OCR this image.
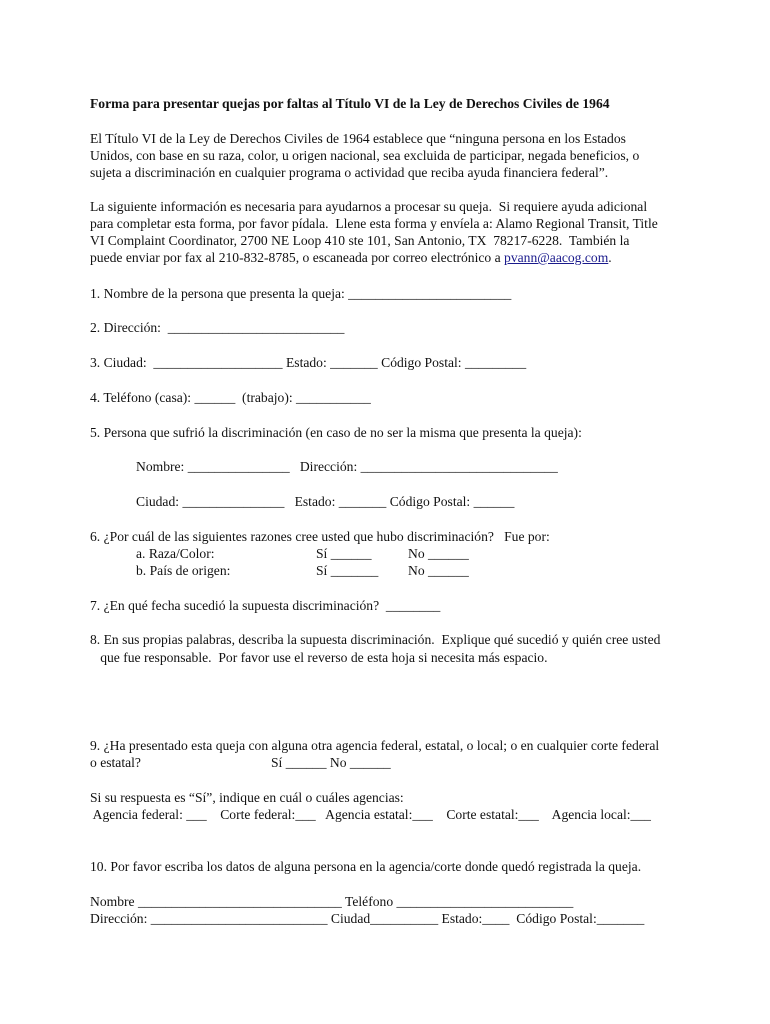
Forma para presentar quejas por faltas al Título VI de la Ley de Derechos Civiles de 1964
El Título VI de la Ley de Derechos Civiles de 1964 establece que “ninguna persona en los Estados
Unidos, con base en su raza, color, u origen nacional, sea excluida de participar, negada beneficios, o
sujeta a discriminación en cualquier programa o actividad que reciba ayuda financiera federal”.
La siguiente información es necesaria para ayudarnos a procesar su queja.  Si requiere ayuda adicional
para completar esta forma, por favor pídala.  Llene esta forma y envíela a: Alamo Regional Transit, Title
VI Complaint Coordinator, 2700 NE Loop 410 ste 101, San Antonio, TX  78217-6228.  También la
puede enviar por fax al 210-832-8785, o escaneada por correo electrónico a pvann@aacog.com.
1. Nombre de la persona que presenta la queja: ________________________
2. Dirección:  __________________________
3. Ciudad:  ___________________ Estado: _______ Código Postal: _________
4. Teléfono (casa): ______  (trabajo): ___________
5. Persona que sufrió la discriminación (en caso de no ser la misma que presenta la queja):
Nombre: _______________   Dirección: _____________________________
Ciudad: _______________   Estado: _______ Código Postal: ______
6. ¿Por cuál de las siguientes razones cree usted que hubo discriminación?   Fue por:
a. Raza/Color:	Sí ______	No ______
b. País de origen:	Sí _______ No ______
7. ¿En qué fecha sucedió la supuesta discriminación?  ________
8. En sus propias palabras, describa la supuesta discriminación.  Explique qué sucedió y quién cree usted
que fue responsable.  Por favor use el reverso de esta hoja si necesita más espacio.
9. ¿Ha presentado esta queja con alguna otra agencia federal, estatal, o local; o en cualquier corte federal
o estatal?	Sí ______ No ______
Si su respuesta es “Sí”, indique en cuál o cuáles agencias:
Agencia federal: ___    Corte federal:___   Agencia estatal:___    Corte estatal:___    Agencia local:___
10. Por favor escriba los datos de alguna persona en la agencia/corte donde quedó registrada la queja.
Nombre ______________________________ Teléfono __________________________
Dirección: __________________________ Ciudad__________ Estado:____  Código Postal:_______
